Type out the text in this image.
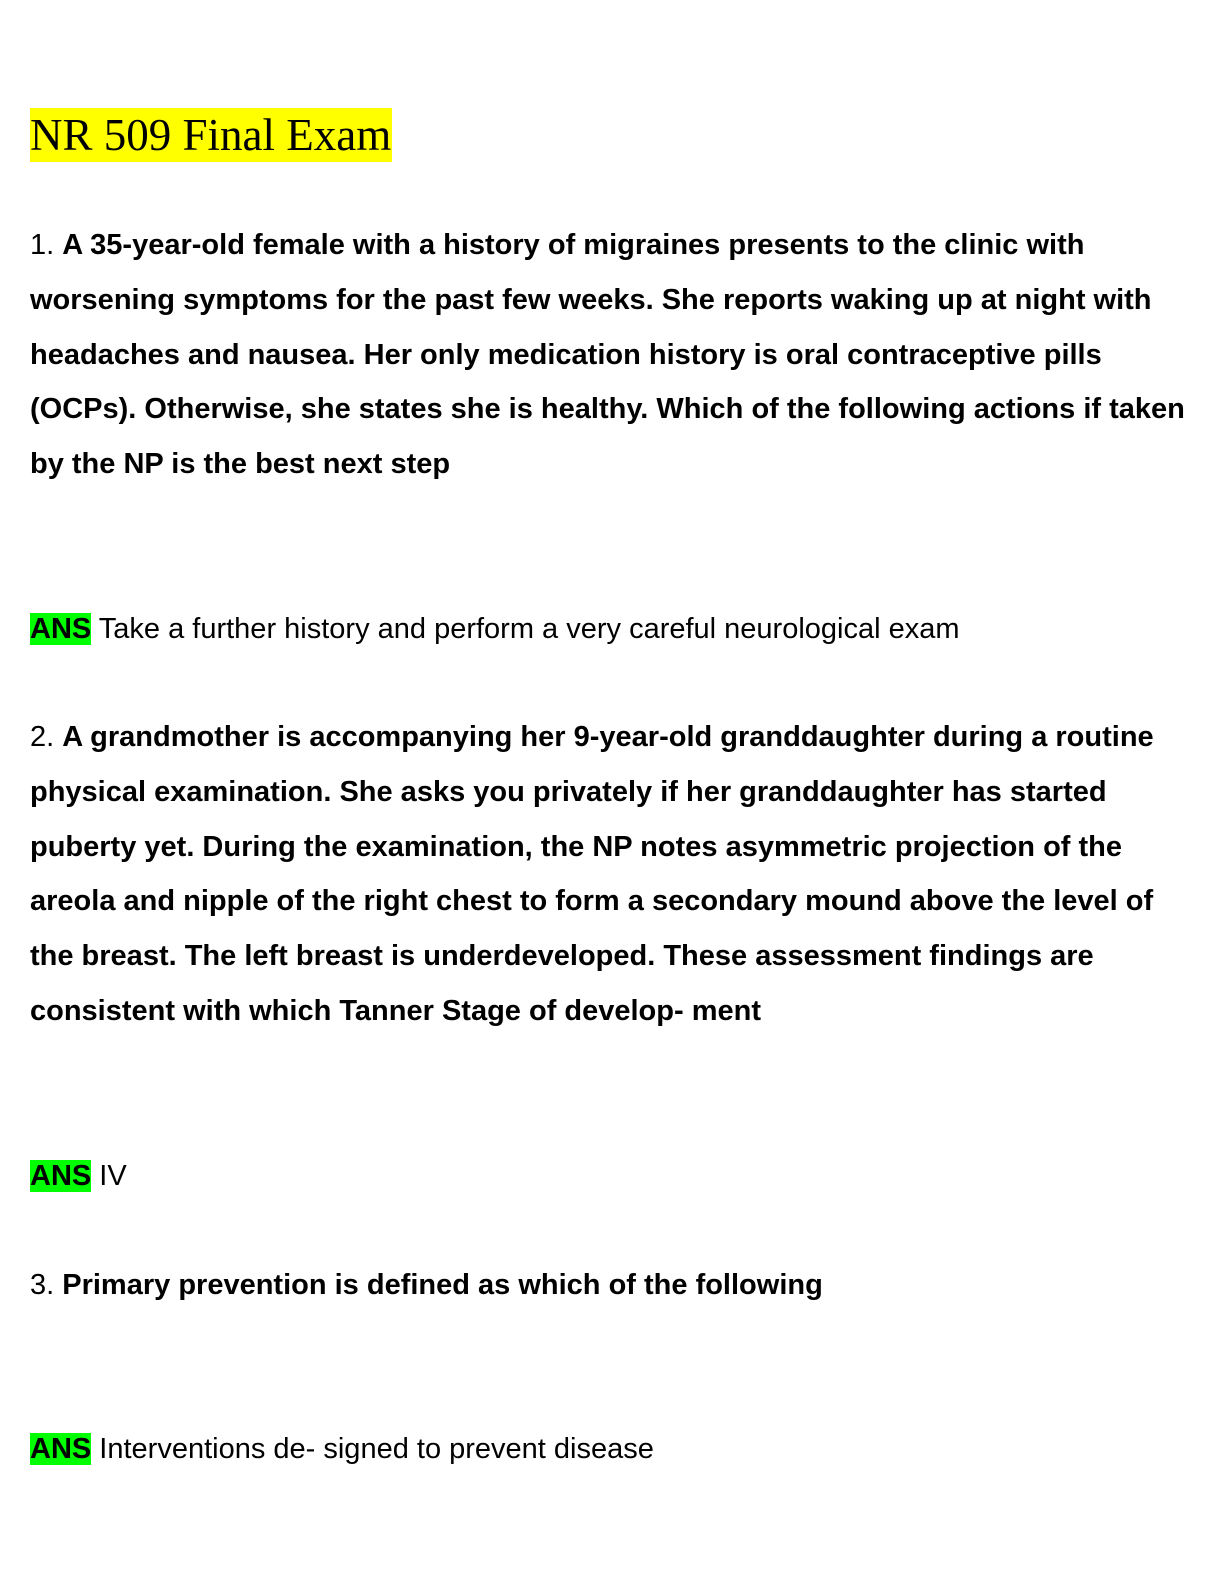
NR 509 Final Exam

1. A 35-year-old female with a history of migraines presents to the clinic with worsening symptoms for the past few weeks. She reports waking up at night with headaches and nausea. Her only medication history is oral contraceptive pills (OCPs). Otherwise, she states she is healthy. Which of the following actions if taken by the NP is the best next step

ANS Take a further history and perform a very careful neurological exam

2. A grandmother is accompanying her 9-year-old granddaughter during a routine physical examination. She asks you privately if her granddaughter has started puberty yet. During the examination, the NP notes asymmetric projection of the areola and nipple of the right chest to form a secondary mound above the level of the breast. The left breast is underdeveloped. These assessment findings are consistent with which Tanner Stage of develop- ment

ANS IV

3. Primary prevention is defined as which of the following

ANS Interventions de- signed to prevent disease
